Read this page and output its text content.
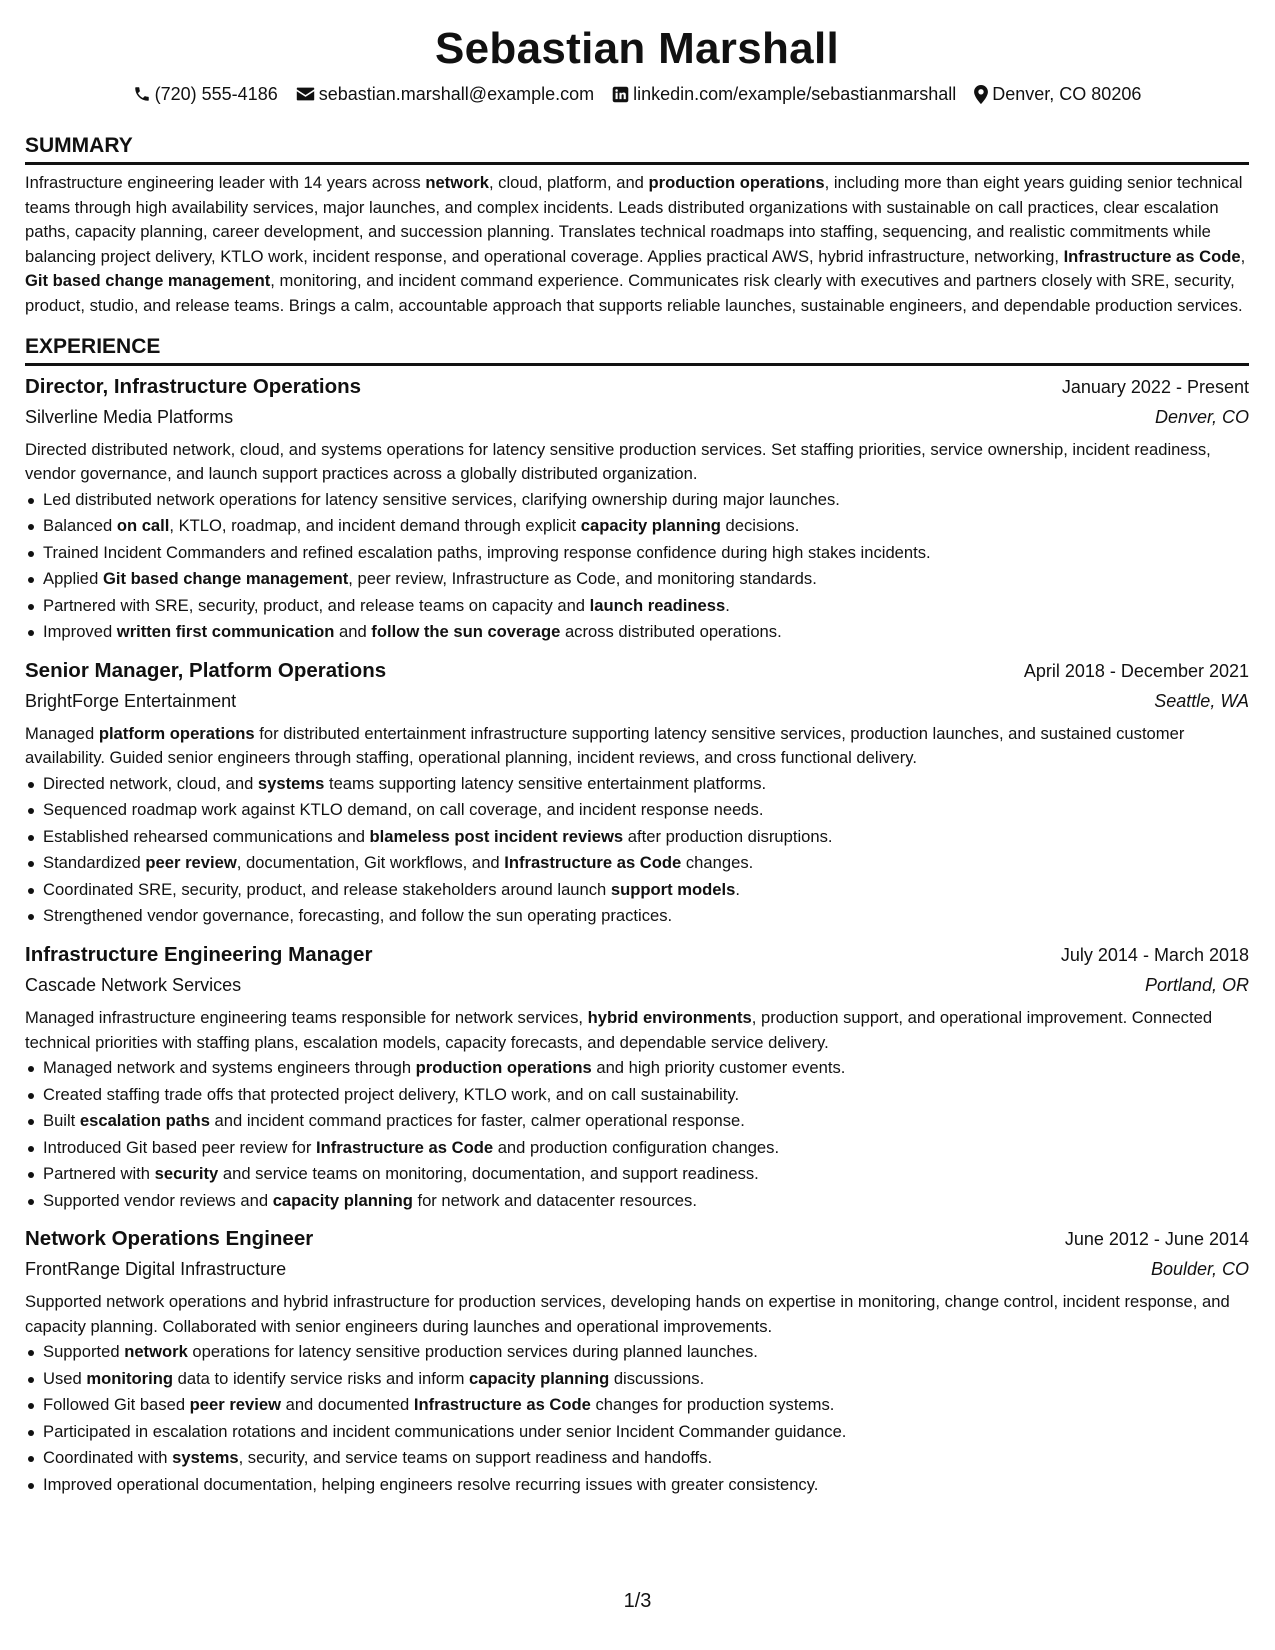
Sebastian Marshall
(720) 555-4186 sebastian.marshall@example.com linkedin.com/example/sebastianmarshall Denver, CO 80206
SUMMARY

Infrastructure engineering leader with 14 years across network, cloud, platform, and production operations, including more than eight years guiding senior technical teams through high availability services, major launches, and complex incidents. Leads distributed organizations with sustainable on call practices, clear escalation paths, capacity planning, career development, and succession planning. Translates technical roadmaps into staffing, sequencing, and realistic commitments while balancing project delivery, KTLO work, incident response, and operational coverage. Applies practical AWS, hybrid infrastructure, networking, Infrastructure as Code, Git based change management, monitoring, and incident command experience. Communicates risk clearly with executives and partners closely with SRE, security, product, studio, and release teams. Brings a calm, accountable approach that supports reliable launches, sustainable engineers, and dependable production services.

EXPERIENCE
Director, Infrastructure Operations	January 2022 - Present
Silverline Media Platforms	Denver, CO

Directed distributed network, cloud, and systems operations for latency sensitive production services. Set staffing priorities, service ownership, incident readiness, vendor governance, and launch support practices across a globally distributed organization.

Led distributed network operations for latency sensitive services, clarifying ownership during major launches.
Balanced on call, KTLO, roadmap, and incident demand through explicit capacity planning decisions.
Trained Incident Commanders and refined escalation paths, improving response confidence during high stakes incidents.
Applied Git based change management, peer review, Infrastructure as Code, and monitoring standards.
Partnered with SRE, security, product, and release teams on capacity and launch readiness.
Improved written first communication and follow the sun coverage across distributed operations.
Senior Manager, Platform Operations	April 2018 - December 2021
BrightForge Entertainment	Seattle, WA

Managed platform operations for distributed entertainment infrastructure supporting latency sensitive services, production launches, and sustained customer availability. Guided senior engineers through staffing, operational planning, incident reviews, and cross functional delivery.

Directed network, cloud, and systems teams supporting latency sensitive entertainment platforms.
Sequenced roadmap work against KTLO demand, on call coverage, and incident response needs.
Established rehearsed communications and blameless post incident reviews after production disruptions.
Standardized peer review, documentation, Git workflows, and Infrastructure as Code changes.
Coordinated SRE, security, product, and release stakeholders around launch support models.
Strengthened vendor governance, forecasting, and follow the sun operating practices.
Infrastructure Engineering Manager	July 2014 - March 2018
Cascade Network Services	Portland, OR

Managed infrastructure engineering teams responsible for network services, hybrid environments, production support, and operational improvement. Connected technical priorities with staffing plans, escalation models, capacity forecasts, and dependable service delivery.

Managed network and systems engineers through production operations and high priority customer events.
Created staffing trade offs that protected project delivery, KTLO work, and on call sustainability.
Built escalation paths and incident command practices for faster, calmer operational response.
Introduced Git based peer review for Infrastructure as Code and production configuration changes.
Partnered with security and service teams on monitoring, documentation, and support readiness.
Supported vendor reviews and capacity planning for network and datacenter resources.
Network Operations Engineer	June 2012 - June 2014
FrontRange Digital Infrastructure	Boulder, CO

Supported network operations and hybrid infrastructure for production services, developing hands on expertise in monitoring, change control, incident response, and capacity planning. Collaborated with senior engineers during launches and operational improvements.

Supported network operations for latency sensitive production services during planned launches.
Used monitoring data to identify service risks and inform capacity planning discussions.
Followed Git based peer review and documented Infrastructure as Code changes for production systems.
Participated in escalation rotations and incident communications under senior Incident Commander guidance.
Coordinated with systems, security, and service teams on support readiness and handoffs.
Improved operational documentation, helping engineers resolve recurring issues with greater consistency.
1/3
